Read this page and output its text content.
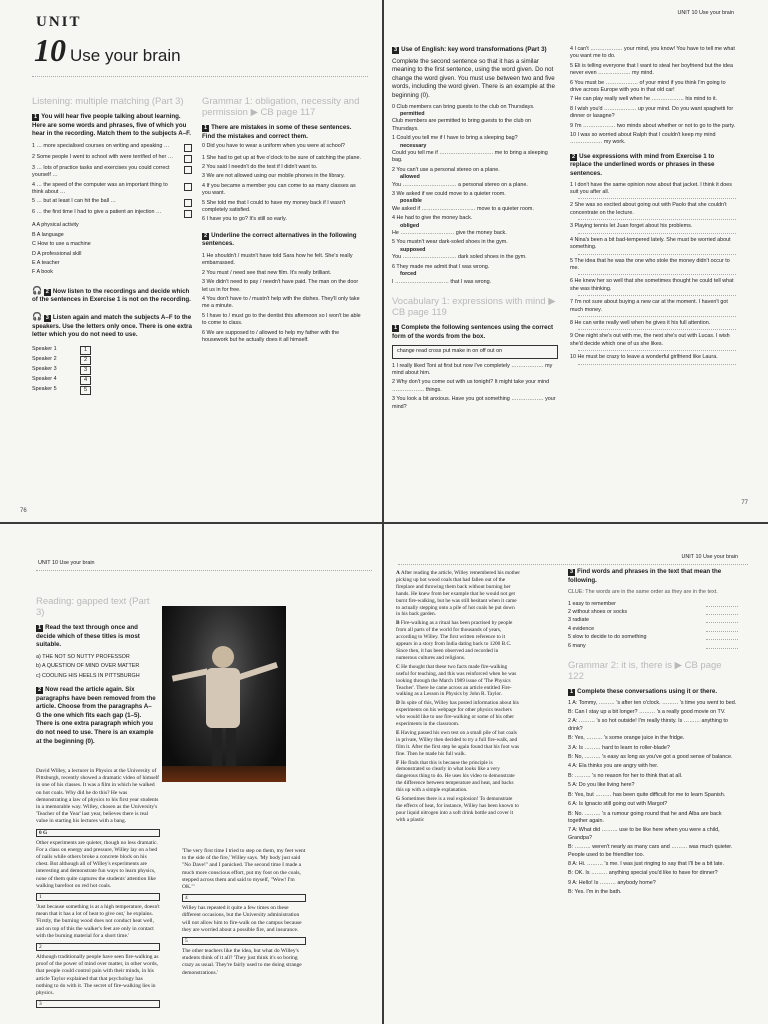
UNIT
10 Use your brain
Listening: multiple matching (Part 3)
1 You will hear five people talking about learning. Here are some words and phrases, five of which you hear in the recording. Match them to the subjects A–F.
1 … more specialised courses on writing and speaking …
2 Some people I went to school with were terrified of her …
3 … lots of practice tasks and exercises you could correct yourself …
4 … the speed of the computer was an important thing to think about …
5 … but at least I can hit the ball …
6 … the first time I had to give a patient an injection …
A A physical activity
B A language
C How to use a machine
D A professional skill
E A teacher
F A book
🎧 2 Now listen to the recordings and decide which of the sentences in Exercise 1 is not on the recording.
🎧 3 Listen again and match the subjects A–F to the speakers. Use the letters only once. There is one extra letter which you do not need to use.
Speaker 1	1
Speaker 2	2
Speaker 3	3
Speaker 4	4
Speaker 5	5
Grammar 1: obligation, necessity and permission ▶ CB page 117
1 There are mistakes in some of these sentences. Find the mistakes and correct them.
0 Did you have to wear a uniform when you were at school?
1 She had to get up at five o'clock to be sure of catching the plane.
2 You said I needn't do the test if I didn't want to.
3 We are not allowed using our mobile phones in the library.
4 If you became a member you can come to as many classes as you want.
5 She told me that I could to have my money back if I wasn't completely satisfied.
6 I have you to go? It's still so early.
2 Underline the correct alternatives in the following sentences.
1 He shouldn't / mustn't have told Sara how he felt. She's really embarrassed.
2 You must / need see that new film. It's really brilliant.
3 We didn't need to pay / needn't have paid. The man on the door let us in for free.
4 You don't have to / mustn't help with the dishes. They'll only take me a minute.
5 I have to / must go to the dentist this afternoon so I won't be able to come to class.
6 We are supposed to / allowed to help my father with the housework but he actually does it all himself.
76
UNIT 10 Use your brain
3 Use of English: key word transformations (Part 3)
Complete the second sentence so that it has a similar meaning to the first sentence, using the word given. Do not change the word given. You must use between two and five words, including the word given. There is an example at the beginning (0).
0 Club members can bring guests to the club on Thursdays.
permitted
Club members are permitted to bring guests to the club on Thursdays.
1 Could you tell me if I have to bring a sleeping bag?
necessary
Could you tell me if ………………………… me to bring a sleeping bag.
2 You can't use a personal stereo on a plane.
allowed
You ………………………… a personal stereo on a plane.
3 We asked if we could move to a quieter room.
possible
We asked if ………………………… move to a quieter room.
4 He had to give the money back.
obliged
He ………………………… give the money back.
5 You mustn't wear dark-soled shoes in the gym.
supposed
You ………………………… dark soled shoes in the gym.
6 They made me admit that I was wrong.
forced
I ………………………… that I was wrong.
Vocabulary 1: expressions with mind ▶ CB page 119
1 Complete the following sentences using the correct form of the words from the box.
change read cross put make in on off out on
1 I really liked Toni at first but now I've completely ……………… my mind about him.
2 Why don't you come out with us tonight? It might take your mind ……………… things.
3 You look a bit anxious. Have you got something ……………… your mind?
4 I can't ……………… your mind, you know! You have to tell me what you want me to do.
5 Eli is telling everyone that I want to steal her boyfriend but the idea never even ……………… my mind.
6 You must be ……………… of your mind if you think I'm going to drive across Europe with you in that old car!
7 He can play really well when he ……………… his mind to it.
8 I wish you'd ……………… up your mind. Do you want spaghetti for dinner or lasagne?
9 I'm ……………… two minds about whether or not to go to the party.
10 I was so worried about Ralph that I couldn't keep my mind ……………… my work.
2 Use expressions with mind from Exercise 1 to replace the underlined words or phrases in these sentences.
1 I don't have the same opinion now about that jacket. I think it does suit you after all.
2 She was so excited about going out with Paolo that she couldn't concentrate on the lecture.
3 Playing tennis let Juan forget about his problems.
4 Nina's been a bit bad-tempered lately. She must be worried about something.
5 The idea that he was the one who stole the money didn't occur to me.
6 He knew her so well that she sometimes thought he could tell what she was thinking.
7 I'm not sure about buying a new car at the moment. I haven't got much money.
8 He can write really well when he gives it his full attention.
9 One night she's out with me, the next she's out with Lucas. I wish she'd decide which one of us she likes.
10 He must be crazy to leave a wonderful girlfriend like Laura.
77
UNIT 10 Use your brain
Reading: gapped text (Part 3)
1 Read the text through once and decide which of these titles is most suitable.
a) THE NOT SO NUTTY PROFESSOR
b) A QUESTION OF MIND OVER MATTER
c) COOLING HIS HEELS IN PITTSBURGH
2 Now read the article again. Six paragraphs have been removed from the article. Choose from the paragraphs A–G the one which fits each gap (1–5). There is one extra paragraph which you do not need to use. There is an example at the beginning (0).
David Willey, a lecturer in Physics at the University of Pittsburgh, recently showed a dramatic video of himself in one of his classes. It was a film in which he walked on hot coals. Why did he do this? He was demonstrating a law of physics to his first year students in a memorable way. Willey, chosen as the University's 'Teacher of the Year' last year, believes there is real value in starting his lectures with a bang.
0 G
Other experiments are quieter, though no less dramatic. For a class on energy and pressure, Willey lay on a bed of nails while others broke a concrete block on his chest. But although all of Willey's experiments are interesting and demonstrate fun ways to learn physics, none of them quite captures the students' attention like walking barefoot on red hot coals.
1
'Just because something is at a high temperature, doesn't mean that it has a lot of heat to give out,' he explains. 'Firstly, the burning wood does not conduct heat well, and on top of this the walker's feet are only in contact with the burning material for a short time.'
2
Although traditionally people have seen fire-walking as proof of the power of mind over matter, in other words, that people could control pain with their minds, in his article Taylor explained that that psychology has nothing to do with it. The secret of fire-walking lies in physics.
3
'The very first time I tried to step on them, my feet went to the side of the fire,' Willey says. 'My body just said "No Dave!" and I panicked. The second time I made a much more conscious effort, put my foot on the coals, stepped across them and said to myself, "Wow! I'm OK."'
4
Willey has repeated it quite a few times on these different occasions, but the University administration will not allow him to fire-walk on the campus because they are worried about a possible fire, and insurance.
5
The other teachers like the idea, but what do Willey's students think of it all? 'They just think it's so boring crazy as usual. They're fairly used to me doing strange demonstrations.'
UNIT 10 Use your brain
A After reading the article, Willey remembered his mother picking up hot wood coals that had fallen out of the fireplace and throwing them back without burning her hands. He knew from her example that he would not get burnt fire-walking, but he was still hesitant when it came to actually stepping onto a pile of hot coals he put down in his back garden.
B Fire-walking as a ritual has been practised by people from all parts of the world for thousands of years, according to Willey. The first written reference to it appears in a story from India dating back to 1200 B.C. Since then, it has been observed and recorded in numerous cultures and religions.
C He thought that these two facts made fire-walking useful for teaching, and this was reinforced when he was looking through the March 1989 issue of 'The Physics Teacher'. There he came across an article entitled Fire-walking as a Lesson in Physics by John R. Taylor.
D In spite of this, Willey has posted information about his experiments on his webpage for other physics teachers who would like to use fire-walking or some of his other experiments in the classroom.
E Having passed his own test on a small pile of hot coals in private, Willey then decided to try a full fire-walk, and film it. After the first step he again found that his foot was fine. Then he made his full walk.
F He finds that this is because the principle is demonstrated so clearly in what looks like a very dangerous thing to do. He uses his video to demonstrate the difference between temperature and heat, and backs this up with a simple explanation.
G Sometimes there is a real explosion! To demonstrate the effects of heat, for instance, Willey has been known to pour liquid nitrogen into a soft drink bottle and cover it with a plastic
3 Find words and phrases in the text that mean the following.
CLUE: The words are in the same order as they are in the text.
1 easy to remember
2 without shoes or socks
3 radiate
4 evidence
5 slow to decide to do something
6 many
Grammar 2: it is, there is ▶ CB page 122
1 Complete these conversations using it or there.
1 A: Tommy, ……… 's after ten o'clock. ……… 's time you went to bed.
B: Can I stay up a bit longer? ……… 's a really good movie on TV.
2 A: ……… 's so hot outside! I'm really thirsty. Is ……… anything to drink?
B: Yes, ……… 's some orange juice in the fridge.
3 A: Is ……… hard to learn to roller-blade?
B: No, ……… 's easy as long as you've got a good sense of balance.
4 A: Ela thinks you are angry with her.
B: ……… 's no reason for her to think that at all.
5 A: Do you like living here?
B: Yes, but ……… has been quite difficult for me to learn Spanish.
6 A: Is Ignacio still going out with Margot?
B: No. ……… 's a rumour going round that he and Alba are back together again.
7 A: What did ……… use to be like here when you were a child, Grandpa?
B: ……… weren't nearly as many cars and ……… was much quieter. People used to be friendlier too.
8 A: Hi. ……… 's me. I was just ringing to say that I'll be a bit late.
B: OK. Is ……… anything special you'd like to have for dinner?
9 A: Hello! Is ……… anybody home?
B: Yes. I'm in the bath.
